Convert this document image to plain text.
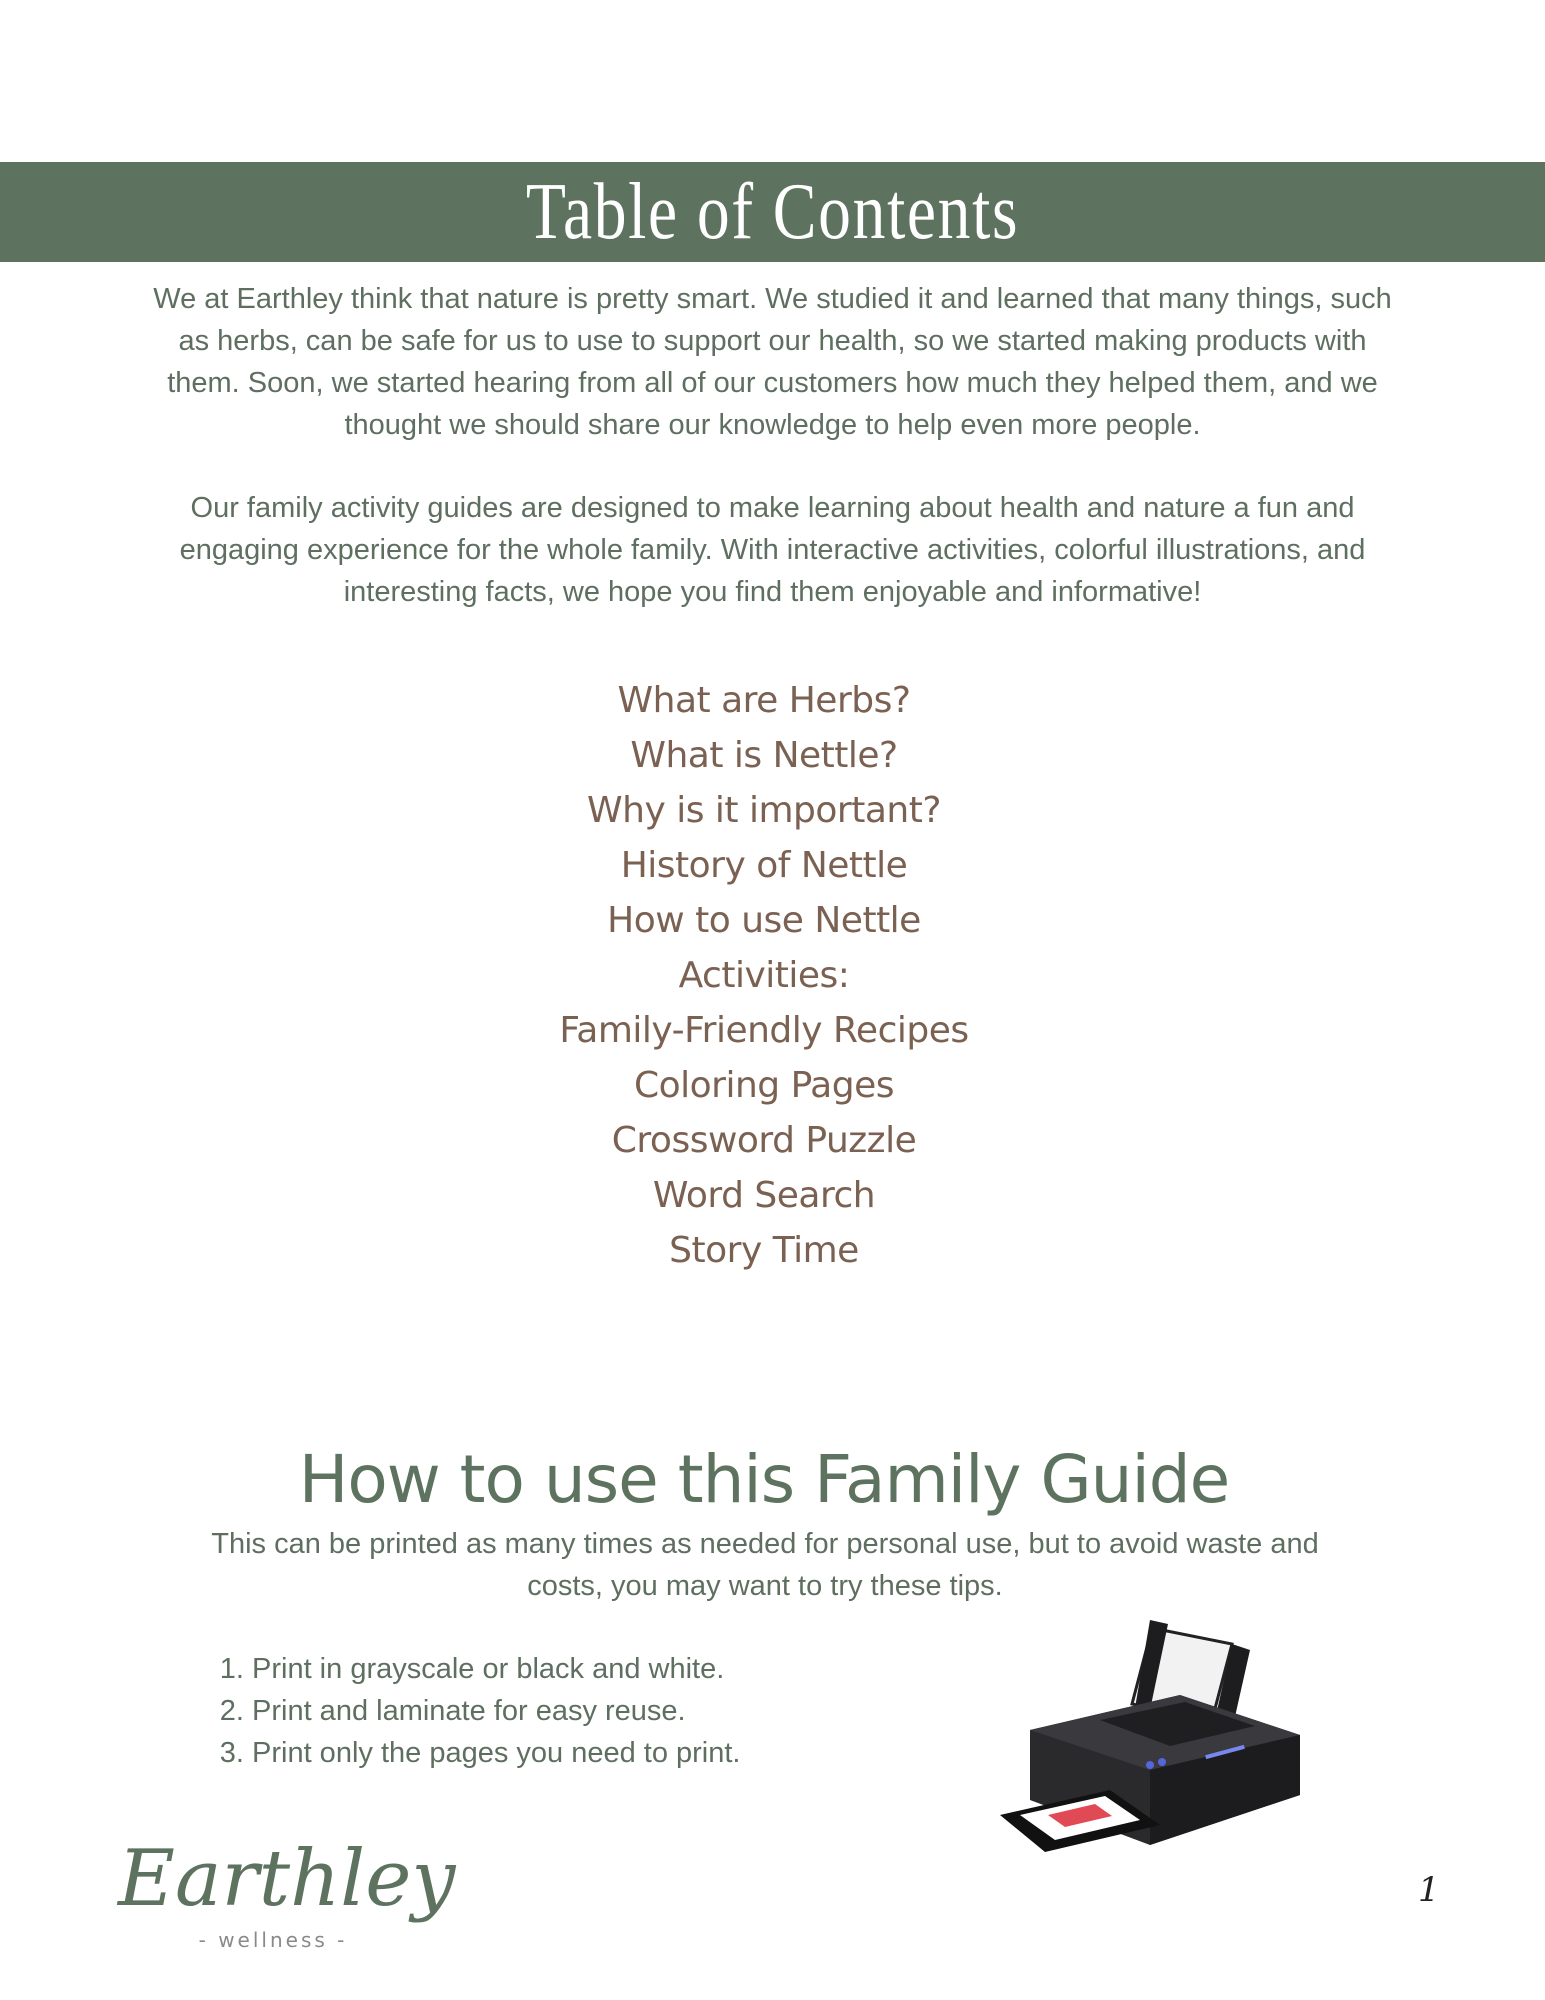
Table of Contents

We at Earthley think that nature is pretty smart. We studied it and learned that many things, such as herbs, can be safe for us to use to support our health, so we started making products with them. Soon, we started hearing from all of our customers how much they helped them, and we thought we should share our knowledge to help even more people.

Our family activity guides are designed to make learning about health and nature a fun and engaging experience for the whole family. With interactive activities, colorful illustrations, and interesting facts, we hope you find them enjoyable and informative!

What are Herbs?
What is Nettle?
Why is it important?
History of Nettle
How to use Nettle
Activities:
Family-Friendly Recipes
Coloring Pages
Crossword Puzzle
Word Search
Story Time
How to use this Family Guide

This can be printed as many times as needed for personal use, but to avoid waste and costs, you may want to try these tips.

1. Print in grayscale or black and white.
2. Print and laminate for easy reuse.
3. Print only the pages you need to print.
Earthley
- wellness -
1
